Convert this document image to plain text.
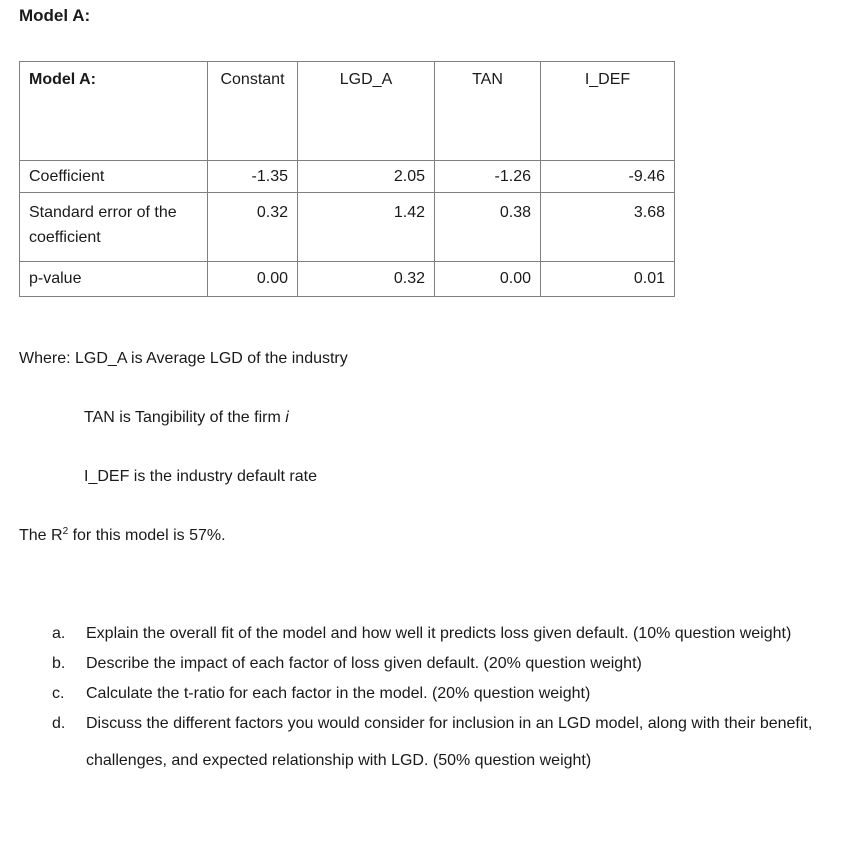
Model A:
Model A:	Constant	LGD_A	TAN	I_DEF
Coefficient	-1.35	2.05	-1.26	-9.46
Standard error of the coefficient	0.32	1.42	0.38	3.68
p-value	0.00	0.32	0.00	0.01
Where: LGD_A is Average LGD of the industry
TAN is Tangibility of the firm i
I_DEF is the industry default rate
The $R^2$ for this model is 57%.
a.	Explain the overall fit of the model and how well it predicts loss given default. (10% question weight)
b.	Describe the impact of each factor of loss given default. (20% question weight)
c.	Calculate the t-ratio for each factor in the model. (20% question weight)
d.	Discuss the different factors you would consider for inclusion in an LGD model, along with their benefit, challenges, and expected relationship with LGD. (50% question weight)
